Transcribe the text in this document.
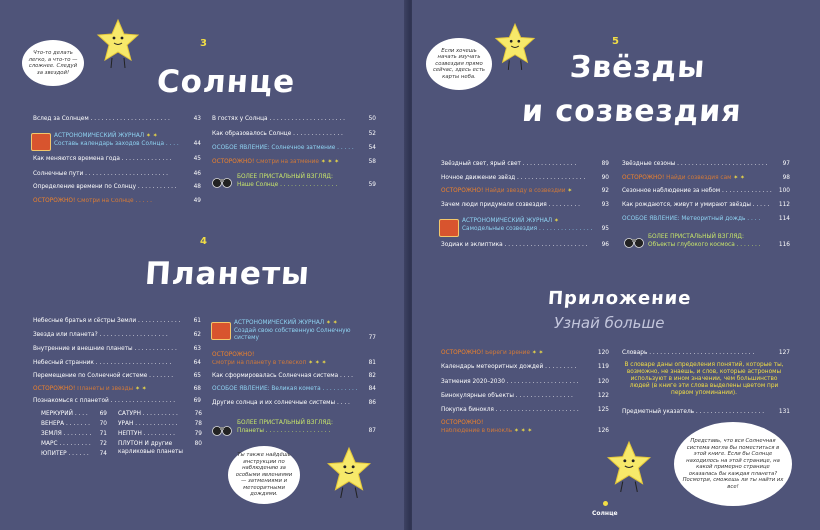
Что-то делать легко, а что-то — сложнее. Следуй за звездой!
3
Солнце
Вслед за Солнцем . . . . . . . . . . . . . . . . . . . . . .	43
АСТРОНОМИЧЕСКИЙ ЖУРНАЛ ✶ ✶
Составь календарь заходов Солнца . . . .	44
Как меняются времена года . . . . . . . . . . . . . .	45
Солнечные пути . . . . . . . . . . . . . . . . . . . . . . .	46
Определение времени по Солнцу . . . . . . . . . . .	48
ОСТОРОЖНО! Смотри на Солнце . . . . .	49
В гостях у Солнца . . . . . . . . . . . . . . . . . . . . .	50
Как образовалось Солнце . . . . . . . . . . . . . .	52
ОСОБОЕ ЯВЛЕНИЕ: Солнечное затмение . . . . .	54
ОСТОРОЖНО! Смотри на затмение ✶ ✶ ✶	58
БОЛЕЕ ПРИСТАЛЬНЫЙ ВЗГЛЯД:
Наше Солнце . . . . . . . . . . . . . . . .	59
4
Планеты
Небесные братья и сёстры Земли . . . . . . . . . . . . 61
Звезда или планета? . . . . . . . . . . . . . . . . . . .	62
Внутренние и внешние планеты . . . . . . . . . . . .	63
Небесный странник . . . . . . . . . . . . . . . . . . . . .	64
Перемещение по Солнечной системе . . . . . . .	65
ОСТОРОЖНО! Планеты и звёзды ✶ ✶	68
Познакомься с планетой . . . . . . . . . . . . . . . . . .	69
МЕРКУРИЙ . . . . 69
ВЕНЕРА . . . . . . . 70
ЗЕМЛЯ . . . . . . . . 71
МАРС . . . . . . . . . 72
ЮПИТЕР . . . . . . 74
САТУРН . . . . . . . . . .	76
УРАН . . . . . . . . . . . .	78
НЕПТУН . . . . . . . . .	79
ПЛУТОН И другие	80
карликовые планеты
АСТРОНОМИЧЕСКИЙ ЖУРНАЛ ✶ ✶
Создай свою собственную Солнечную систему	77
ОСТОРОЖНО!
Смотри на планету в телескоп ✶ ✶ ✶	81
Как сформировалась Солнечная система . . . .	82
ОСОБОЕ ЯВЛЕНИЕ: Великая комета . . . . . . . . . . 84
Другие солнца и их солнечные системы . . . .	86
БОЛЕЕ ПРИСТАЛЬНЫЙ ВЗГЛЯД:
Планеты . . . . . . . . . . . . . . . . . .	87
Ты также найдёшь инструкции по наблюдению за особыми явлениями — затмениями и метеоритными дождями.
Если хочешь начать изучать созвездия прямо сейчас, здесь есть карты неба.
5
Звёзды
и созвездия
Звёздный свет, ярый свет . . . . . . . . . . . . . . .	89
Ночное движение звёзд . . . . . . . . . . . . . . . . . . .	90
ОСТОРОЖНО! Найди звезду в созвездии ✶	92
Зачем люди придумали созвездия . . . . . . . . .	93
АСТРОНОМИЧЕСКИЙ ЖУРНАЛ ✶
Самодельные созвездия . . . . . . . . . . . . . . . 95
Зодиак и эклиптика . . . . . . . . . . . . . . . . . . . . . . . 96
Звёздные сезоны . . . . . . . . . . . . . . . . . . . . . . . . .	97
ОСТОРОЖНО! Найди созвездия сам ✶ ✶	98
Сезонное наблюдение за небом . . . . . . . . . . . . . . 100
Как рождаются, живут и умирают звёзды . . . . . 112
ОСОБОЕ ЯВЛЕНИЕ: Метеоритный дождь . . . .	114
БОЛЕЕ ПРИСТАЛЬНЫЙ ВЗГЛЯД:
Объекты глубокого космоса . . . . . . .	116
Приложение
Узнай больше
ОСТОРОЖНО! Береги зрение ✶ ✶	120
Календарь метеоритных дождей . . . . . . . . .	119
Затмения 2020–2030 . . . . . . . . . . . . . . . . . . . .	120
Бинокулярные объекты . . . . . . . . . . . . . . . .	122
Покупка бинокля . . . . . . . . . . . . . . . . . . . . . . .	125
ОСТОРОЖНО!
Наблюдение в бинокль ✶ ✶ ✶	126
Словарь . . . . . . . . . . . . . . . . . . . . . . . . . . . . .	127
В словаре даны определения понятий, которые ты, возможно, не знаешь, и слов, которые астрономы используют в ином значении, чем большинство людей (в книге эти слова выделены цветом при первом упоминании).
Предметный указатель . . . . . . . . . . . . . . . . . . .	131
Представь, что вся Солнечная система могла бы поместиться в этой книге. Если бы Солнце находилось на этой странице, на какой примерно странице оказалась бы каждая планета? Посмотри, сможешь ли ты найти их все!
Солнце
